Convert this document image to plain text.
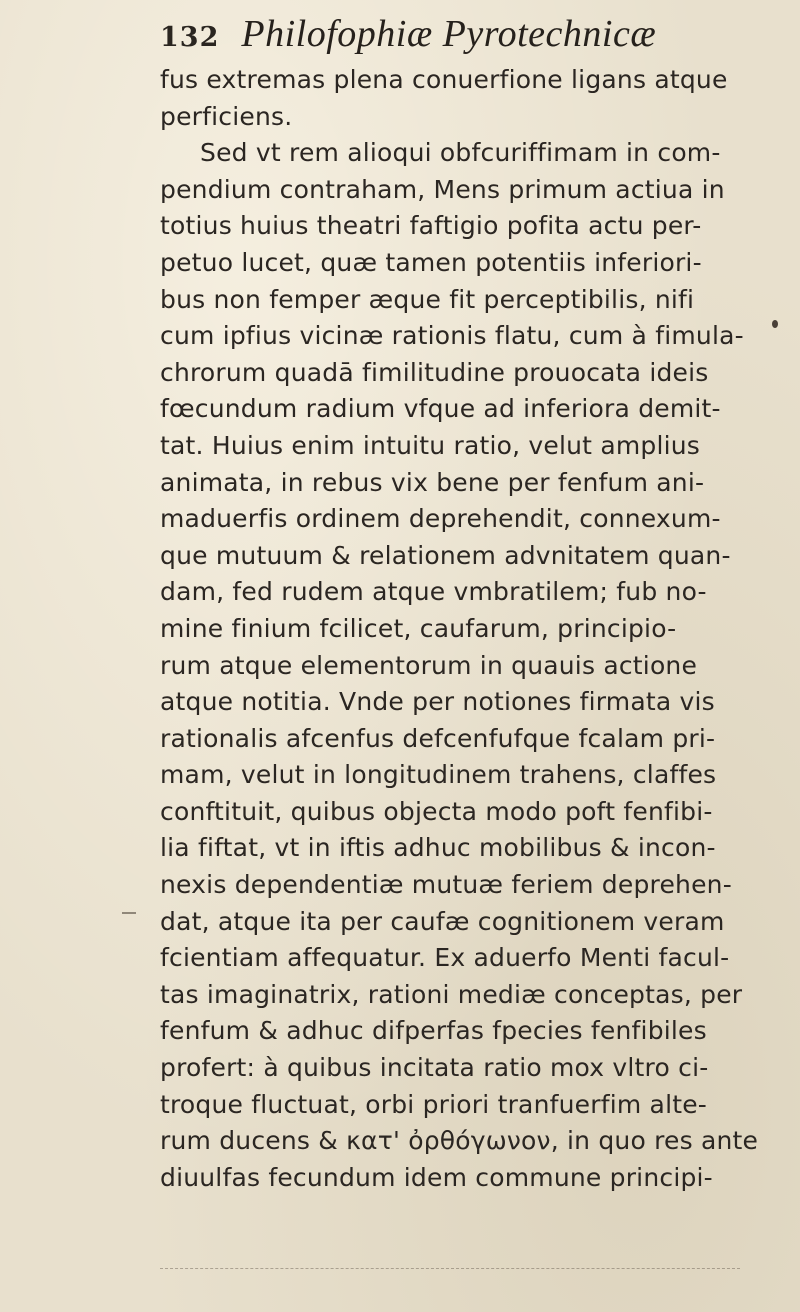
132 Philofophiæ Pyrotechnicæ
fus extremas plena conuerfione ligans atque
perficiens.
Sed vt rem alioqui obfcuriffimam in com-
pendium contraham, Mens primum actiua in
totius huius theatri faftigio pofita actu per-
petuo lucet, quæ tamen potentiis inferiori-
bus non femper æque fit perceptibilis, nifi
cum ipfius vicinæ rationis flatu, cum à fimula-
chrorum quadā fimilitudine prouocata ideis
fœcundum radium vfque ad inferiora demit-
tat. Huius enim intuitu ratio, velut amplius
animata, in rebus vix bene per fenfum ani-
maduerfis ordinem deprehendit, connexum-
que mutuum & relationem advnitatem quan-
dam, fed rudem atque vmbratilem; fub no-
mine finium fcilicet, caufarum, principio-
rum atque elementorum in quauis actione
atque notitia. Vnde per notiones firmata vis
rationalis afcenfus defcenfufque fcalam pri-
mam, velut in longitudinem trahens, claffes
conftituit, quibus objecta modo poft fenfibi-
lia fiftat, vt in iftis adhuc mobilibus & incon-
nexis dependentiæ mutuæ feriem deprehen-
dat, atque ita per caufæ cognitionem veram
fcientiam affequatur. Ex aduerfo Menti facul-
tas imaginatrix, rationi mediæ conceptas, per
fenfum & adhuc difperfas fpecies fenfibiles
profert: à quibus incitata ratio mox vltro ci-
troque fluctuat, orbi priori tranfuerfim alte-
rum ducens & κατ' ὀρθόγωνον, in quo res ante
diuulfas fecundum idem commune principi-
